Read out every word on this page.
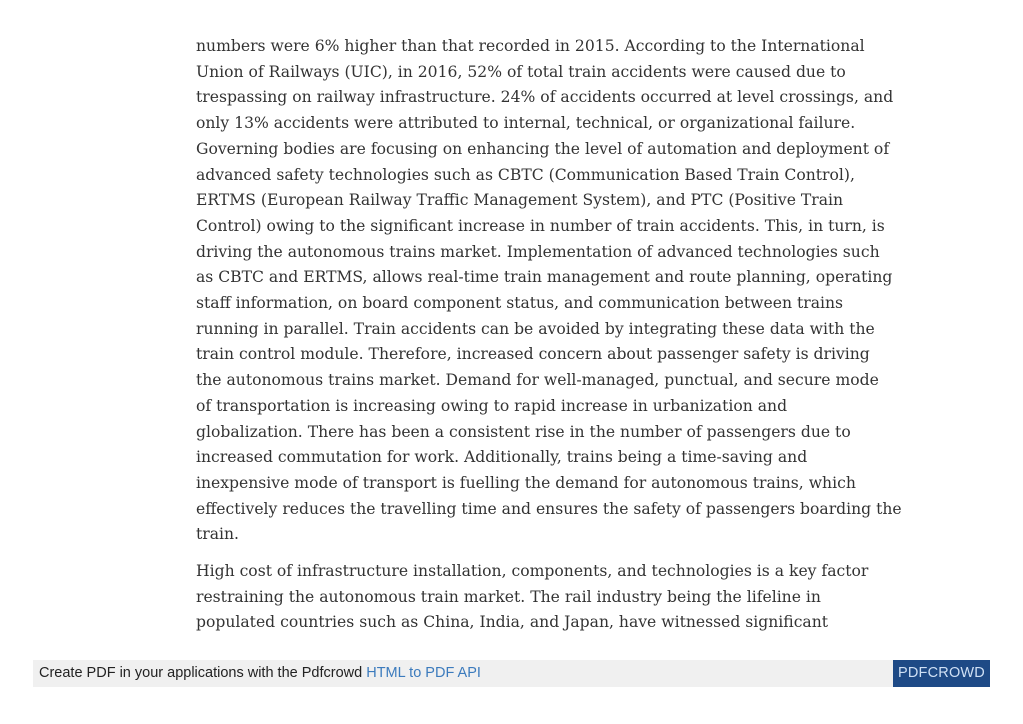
numbers were 6% higher than that recorded in 2015. According to the International
Union of Railways (UIC), in 2016, 52% of total train accidents were caused due to
trespassing on railway infrastructure. 24% of accidents occurred at level crossings, and
only 13% accidents were attributed to internal, technical, or organizational failure.
Governing bodies are focusing on enhancing the level of automation and deployment of
advanced safety technologies such as CBTC (Communication Based Train Control),
ERTMS (European Railway Traffic Management System), and PTC (Positive Train
Control) owing to the significant increase in number of train accidents. This, in turn, is
driving the autonomous trains market. Implementation of advanced technologies such
as CBTC and ERTMS, allows real-time train management and route planning, operating
staff information, on board component status, and communication between trains
running in parallel. Train accidents can be avoided by integrating these data with the
train control module. Therefore, increased concern about passenger safety is driving
the autonomous trains market. Demand for well-managed, punctual, and secure mode
of transportation is increasing owing to rapid increase in urbanization and
globalization. There has been a consistent rise in the number of passengers due to
increased commutation for work. Additionally, trains being a time-saving and
inexpensive mode of transport is fuelling the demand for autonomous trains, which
effectively reduces the travelling time and ensures the safety of passengers boarding the
train.

High cost of infrastructure installation, components, and technologies is a key factor
restraining the autonomous train market. The rail industry being the lifeline in
populated countries such as China, India, and Japan, have witnessed significant

Create PDF in your applications with the Pdfcrowd HTML to PDF API	PDFCROWD
